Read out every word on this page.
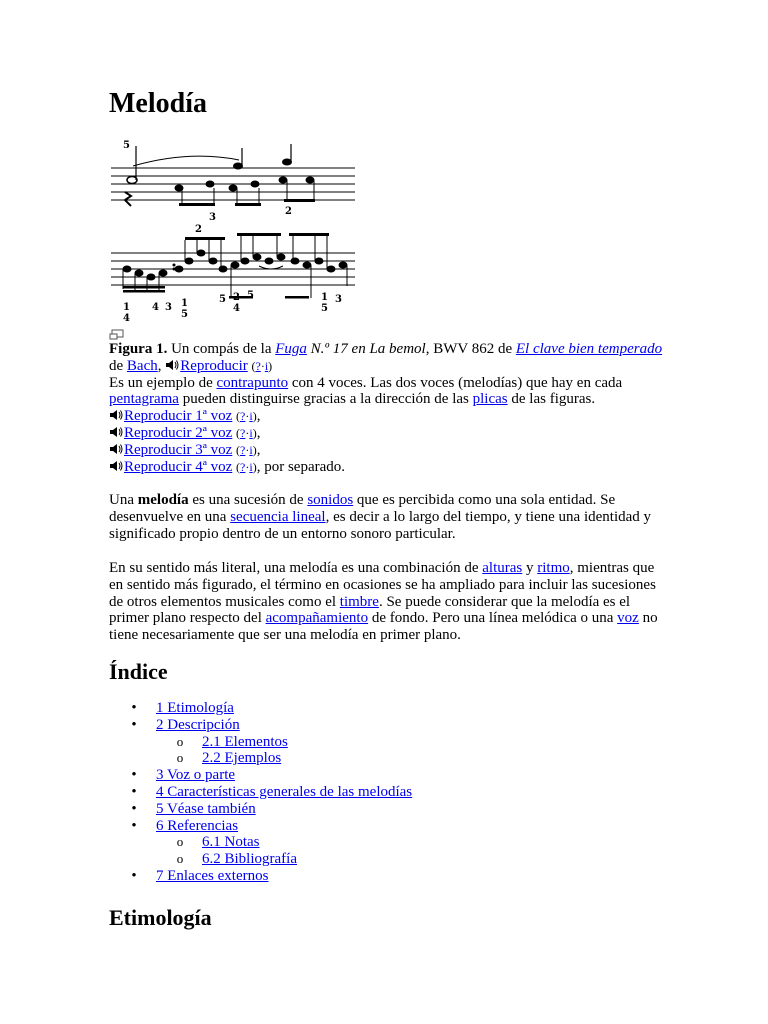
Melodía
5
3
2
2
1
4
4 3 1
5
5 2
4
5	1
5
3
Figura 1. Un compás de la Fuga N.º 17 en La bemol, BWV 862 de El clave bien temperado de Bach, Reproducir (?·i)
Es un ejemplo de contrapunto con 4 voces. Las dos voces (melodías) que hay en cada pentagrama pueden distinguirse gracias a la dirección de las plicas de las figuras.
Reproducir 1ª voz (?·i),
Reproducir 2ª voz (?·i),
Reproducir 3ª voz (?·i),
Reproducir 4ª voz (?·i), por separado.
Una melodía es una sucesión de sonidos que es percibida como una sola entidad. Se desenvuelve en una secuencia lineal, es decir a lo largo del tiempo, y tiene una identidad y significado propio dentro de un entorno sonoro particular.
En su sentido más literal, una melodía es una combinación de alturas y ritmo, mientras que en sentido más figurado, el término en ocasiones se ha ampliado para incluir las sucesiones de otros elementos musicales como el timbre. Se puede considerar que la melodía es el primer plano respecto del acompañamiento de fondo. Pero una línea melódica o una voz no tiene necesariamente que ser una melodía en primer plano.
Índice
• 1 Etimología
• 2 Descripción
o 2.1 Elementos
o 2.2 Ejemplos
• 3 Voz o parte
• 4 Características generales de las melodías
• 5 Véase también
• 6 Referencias
o 6.1 Notas
o 6.2 Bibliografía
• 7 Enlaces externos
Etimología
